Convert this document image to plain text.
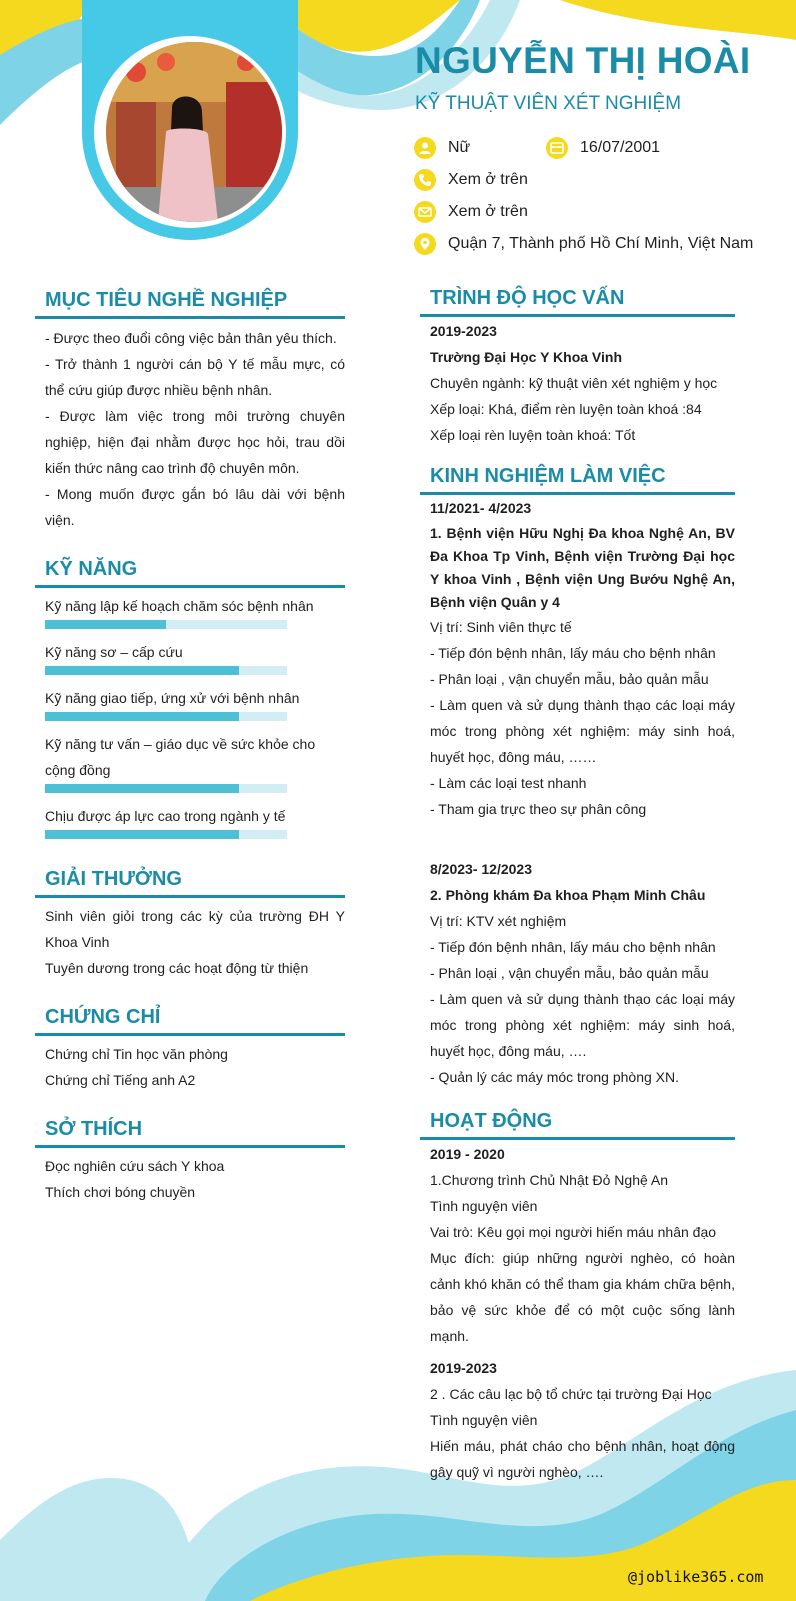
NGUYỄN THỊ HOÀI
KỸ THUẬT VIÊN XÉT NGHIỆM
Nữ	16/07/2001
Xem ở trên
Xem ở trên
Quận 7, Thành phố Hồ Chí Minh, Việt Nam
MỤC TIÊU NGHỀ NGHIỆP
- Được theo đuổi công việc bản thân yêu thích.
- Trở thành 1 người cán bộ Y tế mẫu mực, có thể cứu giúp được nhiều bệnh nhân.
- Được làm việc trong môi trường chuyên nghiệp, hiện đại nhằm được học hỏi, trau dồi kiến thức nâng cao trình độ chuyên môn.
- Mong muốn được gắn bó lâu dài với bệnh viện.
KỸ NĂNG
Kỹ năng lập kế hoạch chăm sóc bệnh nhân
Kỹ năng sơ – cấp cứu
Kỹ năng giao tiếp, ứng xử với bệnh nhân
Kỹ năng tư vấn – giáo dục về sức khỏe cho cộng đồng
Chịu được áp lực cao trong ngành y tế
GIẢI THƯỞNG
Sinh viên giỏi trong các kỳ của trường ĐH Y Khoa Vinh
Tuyên dương trong các hoạt động từ thiện
CHỨNG CHỈ
Chứng chỉ Tin học văn phòng
Chứng chỉ Tiếng anh A2
SỞ THÍCH
Đọc nghiên cứu sách Y khoa
Thích chơi bóng chuyền
TRÌNH ĐỘ HỌC VẤN
2019-2023
Trường Đại Học Y Khoa Vinh
Chuyên ngành: kỹ thuật viên xét nghiệm y học
Xếp loại: Khá, điểm rèn luyện toàn khoá :84
Xếp loại rèn luyện toàn khoá: Tốt
KINH NGHIỆM LÀM VIỆC
11/2021- 4/2023
1. Bệnh viện Hữu Nghị Đa khoa Nghệ An, BV Đa Khoa Tp Vinh, Bệnh viện Trường Đại học Y khoa Vinh , Bệnh viện Ung Bướu Nghệ An, Bệnh viện Quân y 4
Vị trí: Sinh viên thực tế
- Tiếp đón bệnh nhân, lấy máu cho bệnh nhân
- Phân loại , vận chuyển mẫu, bảo quản mẫu
- Làm quen và sử dụng thành thạo các loại máy móc trong phòng xét nghiệm: máy sinh hoá, huyết học, đông máu, ……
- Làm các loại test nhanh
- Tham gia trực theo sự phân công
8/2023- 12/2023
2. Phòng khám Đa khoa Phạm Minh Châu
Vị trí: KTV xét nghiệm
- Tiếp đón bệnh nhân, lấy máu cho bệnh nhân
- Phân loại , vận chuyển mẫu, bảo quản mẫu
- Làm quen và sử dụng thành thạo các loại máy móc trong phòng xét nghiệm: máy sinh hoá, huyết học, đông máu, ….
- Quản lý các máy móc trong phòng XN.
HOẠT ĐỘNG
2019 - 2020
1.Chương trình Chủ Nhật Đỏ Nghệ An
Tình nguyện viên
Vai trò: Kêu gọi mọi người hiến máu nhân đạo
Mục đích: giúp những người nghèo, có hoàn cảnh khó khăn có thể tham gia khám chữa bệnh, bảo vệ sức khỏe để có một cuộc sống lành mạnh.
2019-2023
2 . Các câu lạc bộ tổ chức tại trường Đại Học
Tình nguyện viên
Hiến máu, phát cháo cho bệnh nhân, hoạt động gây quỹ vì người nghèo, ….
@joblike365.com
